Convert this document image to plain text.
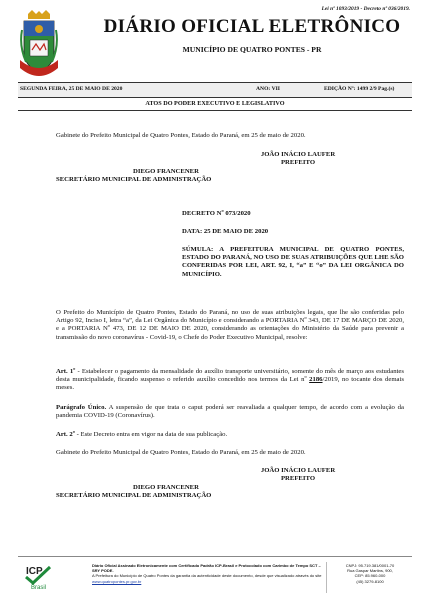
Lei nº 1093/2019 - Decreto nº 036/2019.
DIÁRIO OFICIAL ELETRÔNICO
MUNICÍPIO DE QUATRO PONTES - PR
SEGUNDA FEIRA, 25 DE MAIO DE 2020	ANO: VII	EDIÇÃO Nº: 1499 2/9 Pag.(s)
ATOS DO PODER EXECUTIVO E LEGISLATIVO
Gabinete do Prefeito Municipal de Quatro Pontes, Estado do Paraná, em 25 de maio de 2020.
JOÃO INÁCIO LAUFER
PREFEITO
DIEGO FRANCENER
SECRETÁRIO MUNICIPAL DE ADMINISTRAÇÃO
DECRETO Nº 073/2020
DATA: 25 DE MAIO DE 2020
SÚMULA: A PREFEITURA MUNICIPAL DE QUATRO PONTES, ESTADO DO PARANÁ, NO USO DE SUAS ATRIBUIÇÕES QUE LHE SÃO CONFERIDAS POR LEI, ART. 92, I, “a” E “o” DA LEI ORGÂNICA DO MUNICÍPIO.
O Prefeito do Município de Quatro Pontes, Estado do Paraná, no uso de suas atribuições legais, que lhe são conferidas pelo Artigo 92, Inciso I, letra “a”, da Lei Orgânica do Município e considerando a PORTARIA Nº 343, DE 17 DE MARÇO DE 2020, e a PORTARIA Nº 473, DE 12 DE MAIO DE 2020, considerando as orientações do Ministério da Saúde para prevenir a transmissão do novo coronavírus - Covid-19, o Chefe do Poder Executivo Municipal, resolve:
Art. 1º - Estabelecer o pagamento da mensalidade do auxílio transporte universitário, somente do mês de março aos estudantes desta municipalidade, ficando suspenso o referido auxílio concedido nos termos da Lei nº 2186/2019, no tocante dos demais meses.
Parágrafo Único. A suspensão de que trata o caput poderá ser reavaliada a qualquer tempo, de acordo com a evolução da pandemia COVID-19 (Coronavírus).
Art. 2º - Este Decreto entra em vigor na data de sua publicação.
Gabinete do Prefeito Municipal de Quatro Pontes, Estado do Paraná, em 25 de maio de 2020.
JOÃO INÁCIO LAUFER
PREFEITO
DIEGO FRANCENER
SECRETÁRIO MUNICIPAL DE ADMINISTRAÇÃO
ICP
Brasil
Diário Oficial Assinado Eletronicamente com Certificado Padrão ICP-Brasil e Protocolado com Carimbo de Tempo SCT – SRY PODE.
A Prefeitura do Município de Quatro Pontes da garantia da autenticidade deste documento, desde que visualizado através do site www.quatropontes.pr.gov.br
CNPJ: 95.719.381/0001-70
Rua Gaspar Martins, 900,
CEP: 85.960-000
(45) 3279-8100
